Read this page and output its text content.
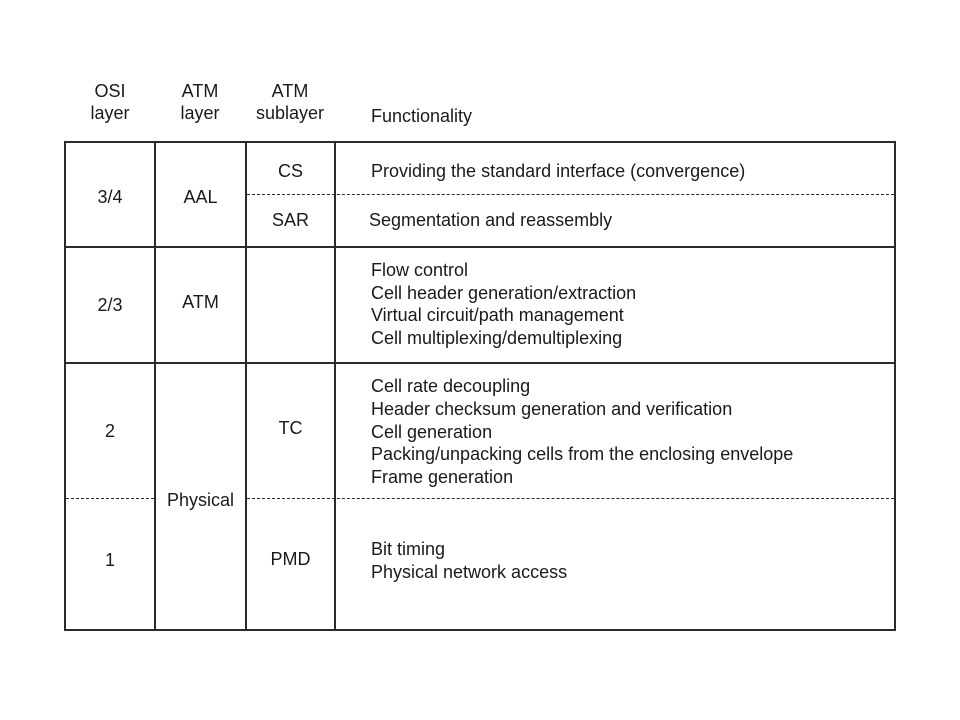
OSI
layer
ATM
layer
ATM
sublayer	Functionality
3/4
2/3
2
1
AAL
ATM
Physical
CS
SAR
TC
PMD
Providing the standard interface (convergence)
Segmentation and reassembly
Flow control
Cell header generation/extraction
Virtual circuit/path management
Cell multiplexing/demultiplexing
Cell rate decoupling
Header checksum generation and verification
Cell generation
Packing/unpacking cells from the enclosing envelope
Frame generation
Bit timing
Physical network access
